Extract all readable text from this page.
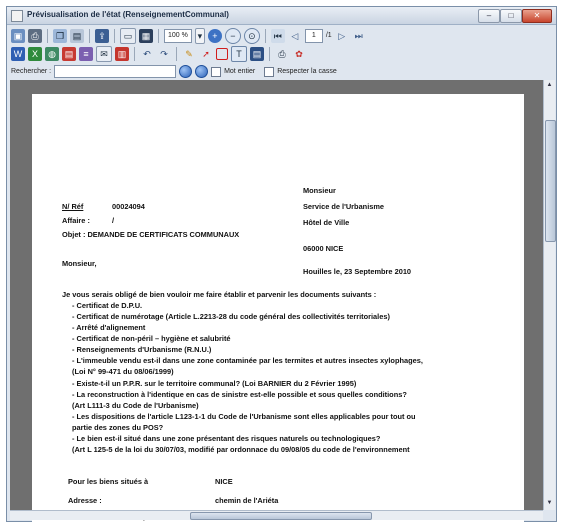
Prévisualisation de l'état (RenseignementCommunal)	–	□	✕
▣	⎙	❐ ▤	⇪	▭	▦	100 %	▾	+	−	⊙	⏮	◁	1	/1 ▷	⏭
W	X	◍ ▤	≡	✉	▥	↶	↷	✎	➚	T	▤	⎙	✿
Rechercher :	Mot entier	Respecter la casse
Monsieur
Service de l'Urbanisme
Hôtel de Ville
06000 NICE
Houilles le, 23 Septembre 2010
N/ Réf	00024094
Affaire :	/
Objet : DEMANDE DE CERTIFICATS COMMUNAUX
Monsieur,
Je vous serais obligé de bien vouloir me faire établir et parvenir les documents suivants :
- Certificat de D.P.U.
- Certificat de numérotage (Article L.2213-28 du code général des collectivités territoriales)
- Arrêté d'alignement
- Certificat de non-péril – hygiène et salubrité
- Renseignements d'Urbanisme (R.N.U.)
- L'immeuble vendu est-il dans une zone contaminée par les termites et autres insectes xylophages,
(Loi N° 99-471 du 08/06/1999)
- Existe-t-il un P.P.R. sur le territoire communal? (Loi BARNIER du 2 Février 1995)
- La reconstruction à l'identique en cas de sinistre est-elle possible et sous quelles conditions?
(Art L111-3 du Code de l'Urbanisme)
- Les dispositions de l'article L123-1-1 du Code de l'Urbanisme sont elles applicables pour tout ou
partie des zones du POS?
- Le bien est-il situé dans une zone présentant des risques naturels ou technologiques?
(Art L 125-5 de la loi du 30/07/03, modifié par ordonnace du 09/08/05 du code de l'environnement
Pour les biens situés à	NICE
Adresse :	chemin de l'Ariéta
▲
▼
